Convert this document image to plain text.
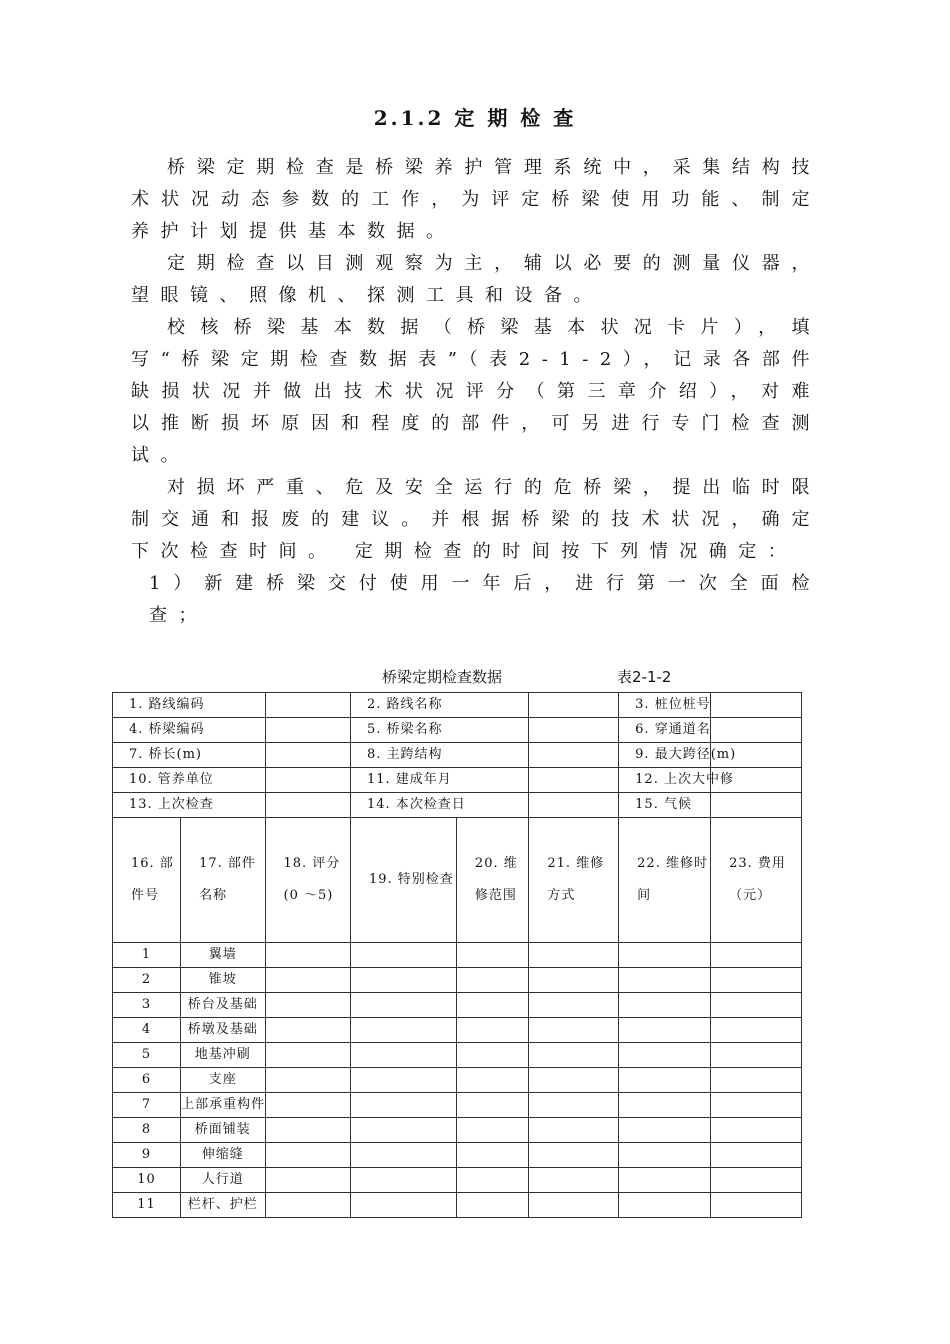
2.1.2 定 期 检 查

桥梁定期检查是桥梁养护管理系统中，采集结构技术状况动态参数的工作，为评定桥梁使用功能、制定养护计划提供基本数据。

定期检查以目测观察为主，辅以必要的测量仪器，望眼镜、照像机、探测工具和设备。

校核桥梁基本数据（桥梁基本状况卡片），填写“桥梁定期检查数据表”（表2-1-2），记录各部件缺损状况并做出技术状况评分（第三章介绍），对难以推断损坏原因和程度的部件，可另进行专门检查测试。

对损坏严重、危及安全运行的危桥梁，提出临时限制交通和报废的建议。并根据桥梁的技术状况，确定下次检查时间。 定期检查的时间按下列情况确定：

1）新建桥梁交付使用一年后，进行第一次全面检查；

桥梁定期检查数据	表2-1-2
1. 路线编码			2. 路线名称			3. 桩位桩号	
4. 桥梁编码			5. 桥梁名称			6. 穿通道名	
7. 桥长(m)			8. 主跨结构			9. 最大跨径(m)	
10. 管养单位			11. 建成年月			12. 上次大中修	
13. 上次检查			14. 本次检查日			15. 气候	
16. 部件号	17. 部件名称	18. 评分(0 ～5)	19. 特别检查	20. 维修范围	21. 维修方式	22. 维修时间	23. 费用（元）
1	翼墙						
2	锥坡						
3	桥台及基础						
4	桥墩及基础						
5	地基冲刷						
6	支座						
7	上部承重构件						
8	桥面铺装						
9	伸缩缝						
10	人行道						
11	栏杆、护栏						
